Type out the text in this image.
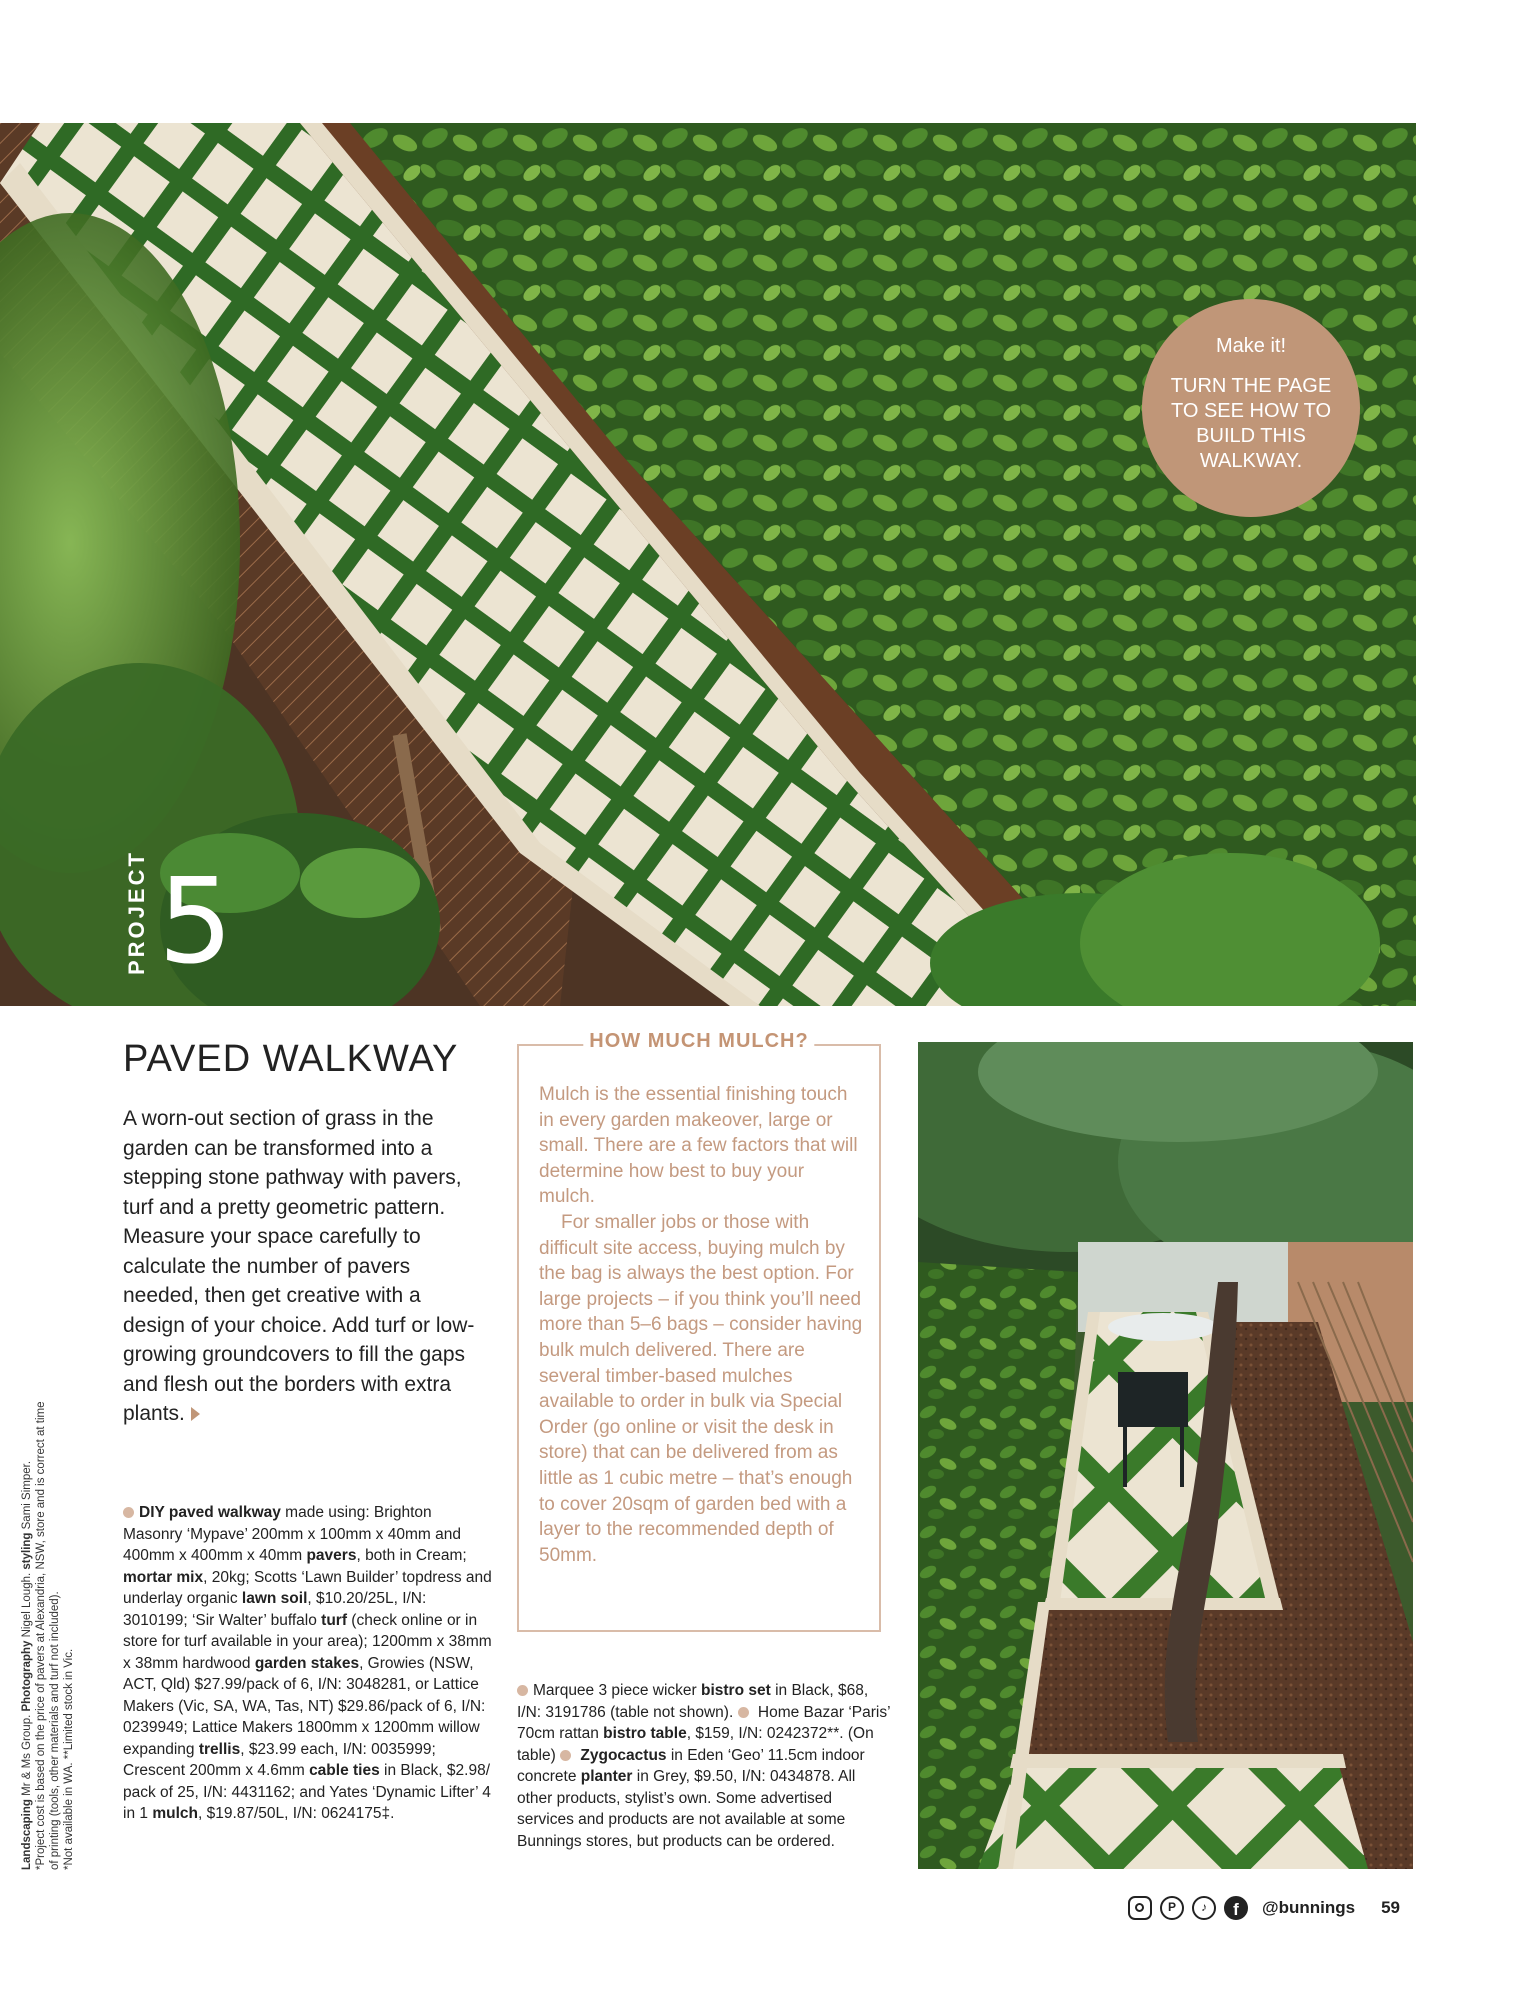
Make it!
TURN THE PAGE TO SEE HOW TO BUILD THIS WALKWAY.
PROJECT 5
PAVED WALKWAY

A worn-out section of grass in the garden can be transformed into a stepping stone pathway with pavers, turf and a pretty geometric pattern. Measure your space carefully to calculate the number of pavers needed, then get creative with a design of your choice. Add turf or low-growing groundcovers to fill the gaps and flesh out the borders with extra plants.

DIY paved walkway made using: Brighton Masonry ‘Mypave’ 200mm x 100mm x 40mm and 400mm x 400mm x 40mm pavers, both in Cream; mortar mix, 20kg; Scotts ‘Lawn Builder’ topdress and underlay organic lawn soil, $10.20/25L, I/N: 3010199; ‘Sir Walter’ buffalo turf (check online or in store for turf available in your area); 1200mm x 38mm x 38mm hardwood garden stakes, Growies (NSW, ACT, Qld) $27.99/pack of 6, I/N: 3048281, or Lattice Makers (Vic, SA, WA, Tas, NT) $29.86/pack of 6, I/N: 0239949; Lattice Makers 1800mm x 1200mm willow expanding trellis, $23.99 each, I/N: 0035999; Crescent 200mm x 4.6mm cable ties in Black, $2.98/ pack of 25, I/N: 4431162; and Yates ‘Dynamic Lifter’ 4 in 1 mulch, $19.87/50L, I/N: 0624175‡.

Landscaping Mr & Ms Group. Photography Nigel Lough. styling Sami Simper. *Project cost is based on the price of pavers at Alexandria, NSW, store and is correct at time of printing (tools, other materials and turf not included). *Not available in WA. **Limited stock in Vic.

HOW MUCH MULCH?

Mulch is the essential finishing touch in every garden makeover, large or small. There are a few factors that will determine how best to buy your mulch.

For smaller jobs or those with difficult site access, buying mulch by the bag is always the best option. For large projects – if you think you’ll need more than 5–6 bags – consider having bulk mulch delivered. There are several timber-based mulches available to order in bulk via Special Order (go online or visit the desk in store) that can be delivered from as little as 1 cubic metre – that’s enough to cover 20sqm of garden bed with a layer to the recommended depth of 50mm.

Marquee 3 piece wicker bistro set in Black, $68, I/N: 3191786 (table not shown).  Home Bazar ‘Paris’ 70cm rattan bistro table, $159, I/N: 0242372**. (On table)  Zygocactus in Eden ‘Geo’ 11.5cm indoor concrete planter in Grey, $9.50, I/N: 0434878. All other products, stylist’s own. Some advertised services and products are not available at some Bunnings stores, but products can be ordered.

P	♪	f	@bunnings 59
